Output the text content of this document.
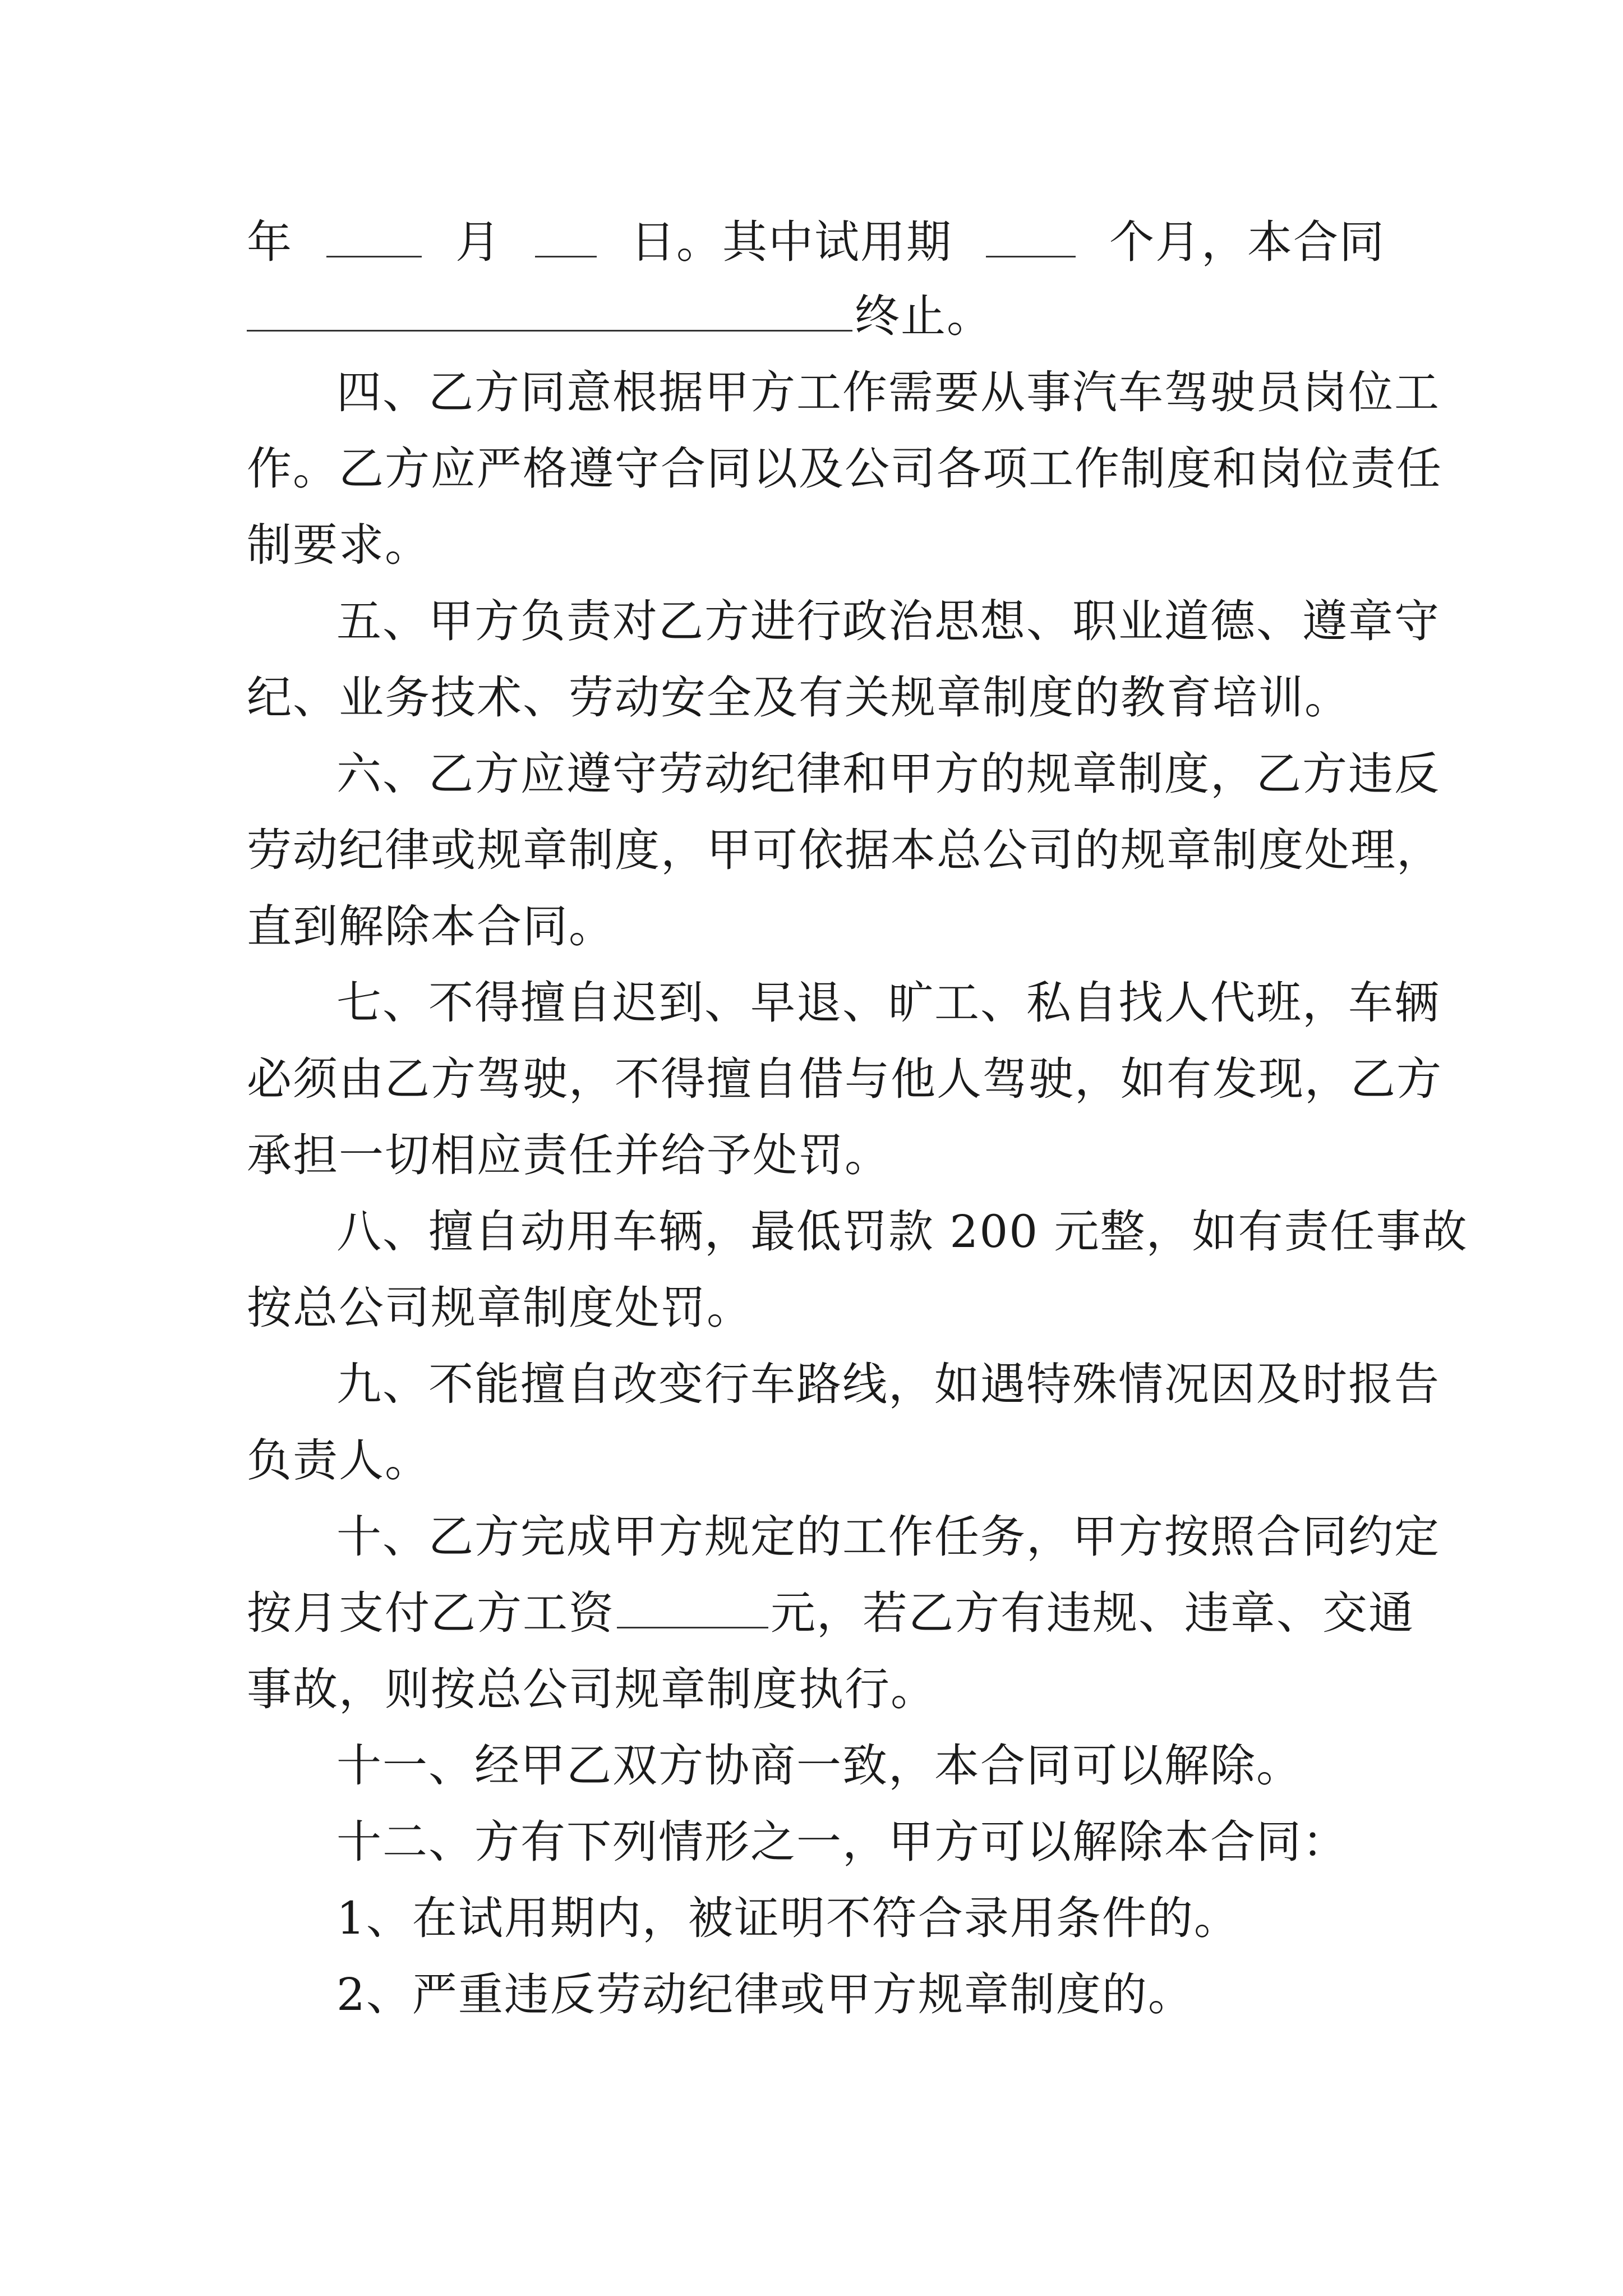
年	月	日。其中试用期	个月，本合同
终止。
四、乙方同意根据甲方工作需要从事汽车驾驶员岗位工
作。乙方应严格遵守合同以及公司各项工作制度和岗位责任
制要求。
五、甲方负责对乙方进行政治思想、职业道德、遵章守
纪、业务技术、劳动安全及有关规章制度的教育培训。
六、乙方应遵守劳动纪律和甲方的规章制度，乙方违反
劳动纪律或规章制度，甲可依据本总公司的规章制度处理，
直到解除本合同。
七、不得擅自迟到、早退、旷工、私自找人代班，车辆
必须由乙方驾驶，不得擅自借与他人驾驶，如有发现，乙方
承担一切相应责任并给予处罚。
八、擅自动用车辆，最低罚款 200 元整，如有责任事故
按总公司规章制度处罚。
九、不能擅自改变行车路线，如遇特殊情况因及时报告
负责人。
十、乙方完成甲方规定的工作任务，甲方按照合同约定
按月支付乙方工资	元，若乙方有违规、违章、交通
事故，则按总公司规章制度执行。
十一、经甲乙双方协商一致，本合同可以解除。
十二、方有下列情形之一，甲方可以解除本合同：
1、在试用期内，被证明不符合录用条件的。
2、严重违反劳动纪律或甲方规章制度的。
